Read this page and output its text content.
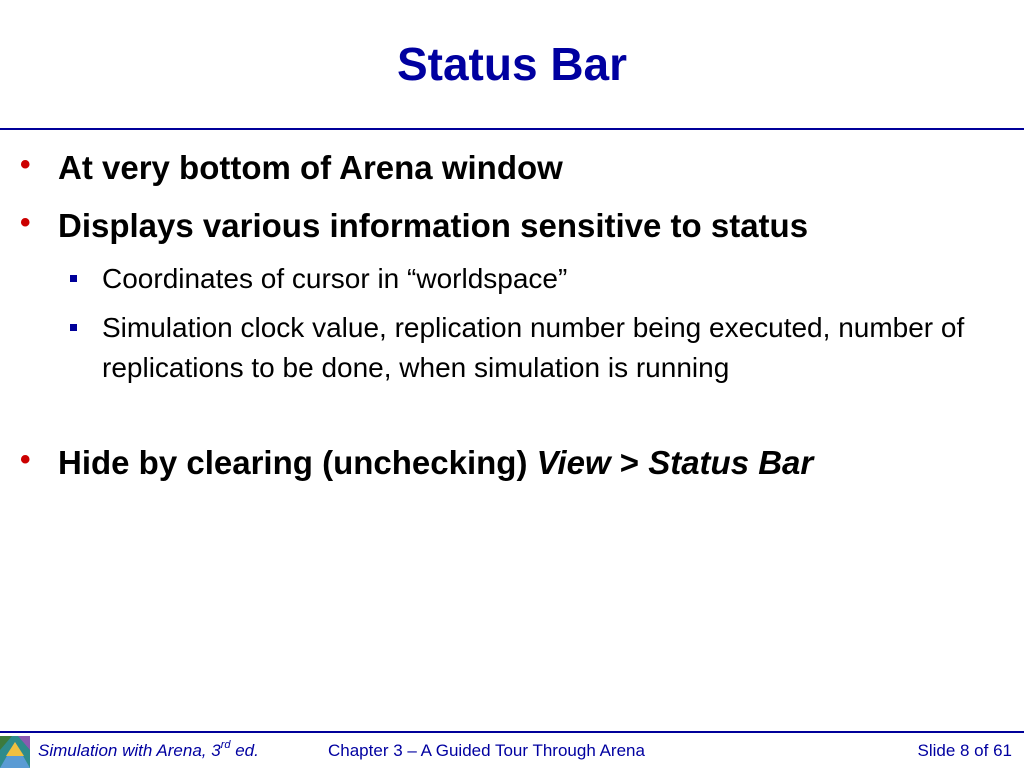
Status Bar
• At very bottom of Arena window
• Displays various information sensitive to status
Coordinates of cursor in “worldspace”
Simulation clock value, replication number being executed, number of replications to be done, when simulation is running
• Hide by clearing (unchecking) View > Status Bar
Simulation with Arena, 3rd ed.	Chapter 3 – A Guided Tour Through Arena	Slide 8 of 61
